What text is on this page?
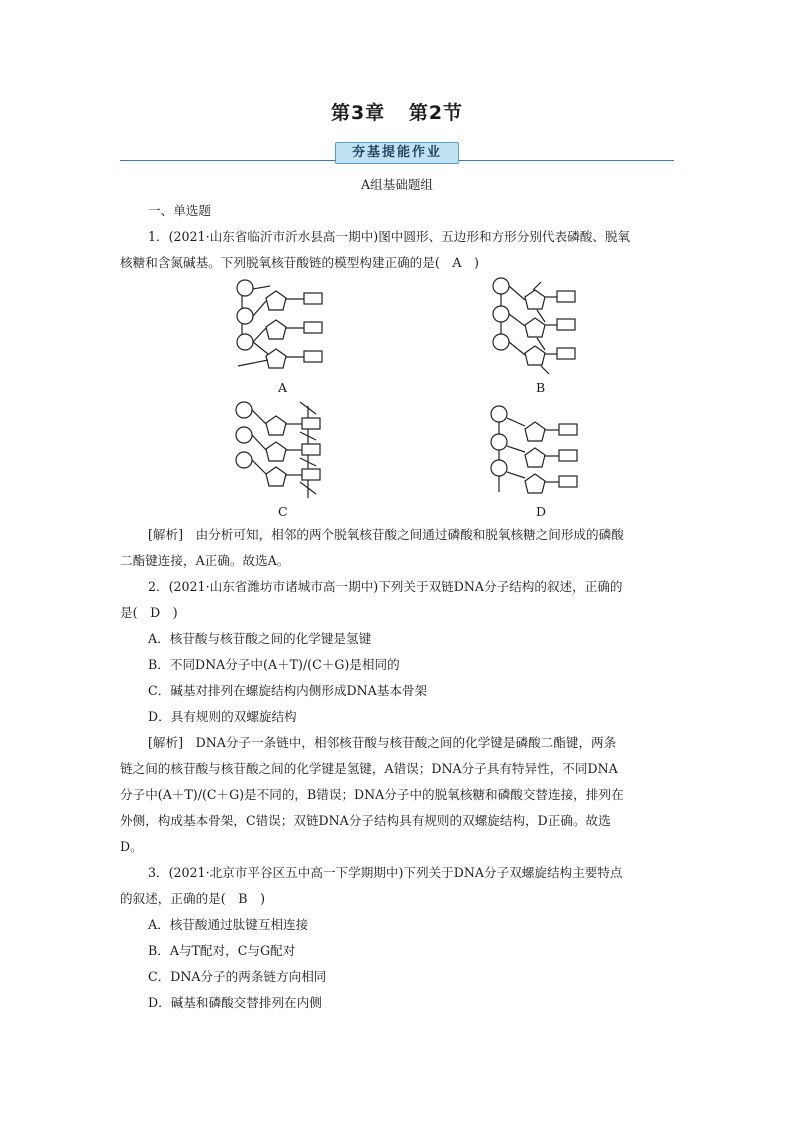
第3章 第2节
夯基提能作业
A组基础题组
一、单选题
1．(2021·山东省临沂市沂水县高一期中)图中圆形、五边形和方形分别代表磷酸、脱氧
核糖和含氮碱基。下列脱氧核苷酸链的模型构建正确的是(　A　)
A	B
C	D
[解析]　由分析可知，相邻的两个脱氧核苷酸之间通过磷酸和脱氧核糖之间形成的磷酸
二酯键连接，A正确。故选A。
2．(2021·山东省潍坊市诸城市高一期中)下列关于双链DNA分子结构的叙述，正确的
是(　D　)
A．核苷酸与核苷酸之间的化学键是氢键
B．不同DNA分子中(A＋T)/(C＋G)是相同的
C．碱基对排列在螺旋结构内侧形成DNA基本骨架
D．具有规则的双螺旋结构
[解析]　DNA分子一条链中，相邻核苷酸与核苷酸之间的化学键是磷酸二酯键，两条
链之间的核苷酸与核苷酸之间的化学键是氢键，A错误；DNA分子具有特异性，不同DNA
分子中(A＋T)/(C＋G)是不同的，B错误；DNA分子中的脱氧核糖和磷酸交替连接，排列在
外侧，构成基本骨架，C错误；双链DNA分子结构具有规则的双螺旋结构，D正确。故选
D。
3．(2021·北京市平谷区五中高一下学期期中)下列关于DNA分子双螺旋结构主要特点
的叙述，正确的是(　B　)
A．核苷酸通过肽键互相连接
B．A与T配对，C与G配对
C．DNA分子的两条链方向相同
D．碱基和磷酸交替排列在内侧
